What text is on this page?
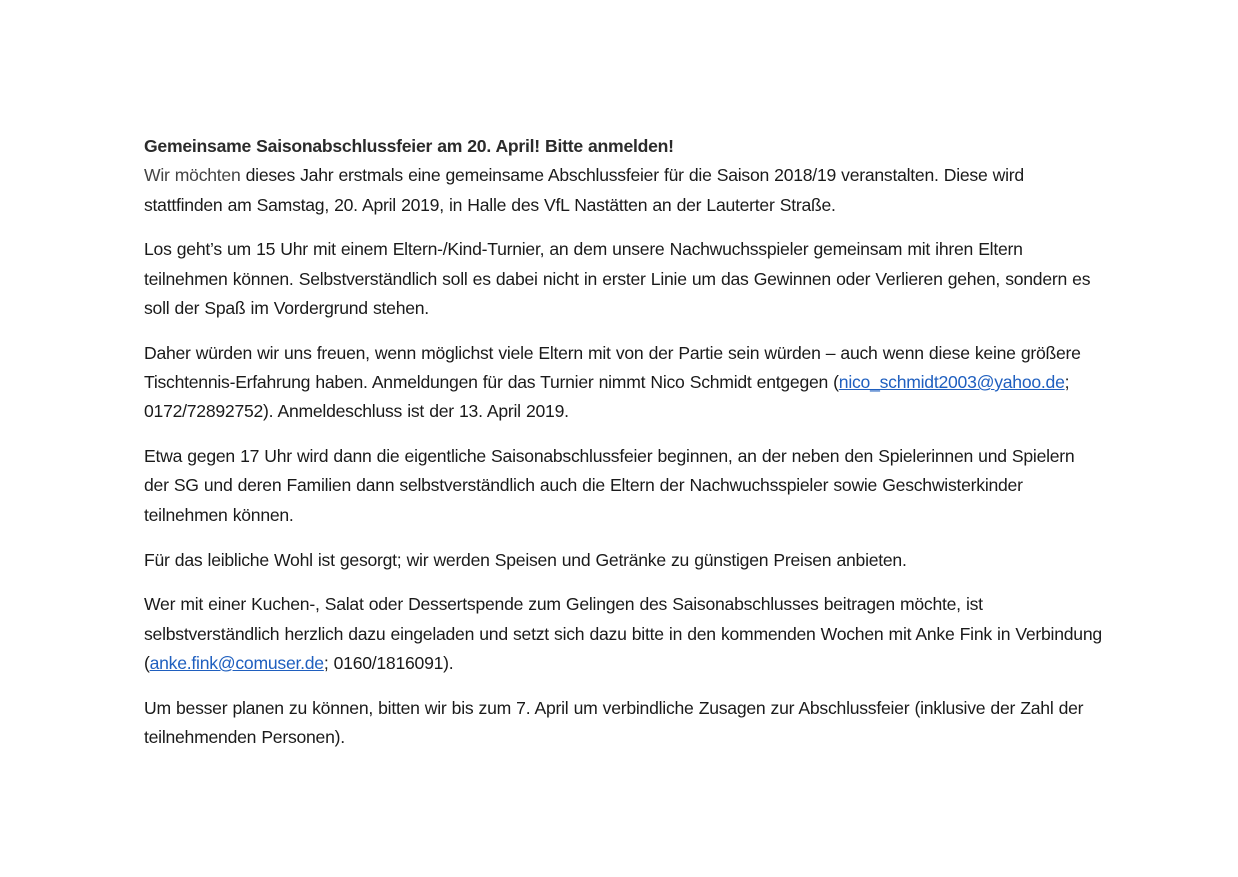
Gemeinsame Saisonabschlussfeier am 20. April! Bitte anmelden!

Wir möchten dieses Jahr erstmals eine gemeinsame Abschlussfeier für die Saison 2018/19 veranstalten. Diese wird stattfinden am Samstag, 20. April 2019, in Halle des VfL Nastätten an der Lauterter Straße.

Los geht’s um 15 Uhr mit einem Eltern-/Kind-Turnier, an dem unsere Nachwuchsspieler gemeinsam mit ihren Eltern teilnehmen können. Selbstverständlich soll es dabei nicht in erster Linie um das Gewinnen oder Verlieren gehen, sondern es soll der Spaß im Vordergrund stehen.

Daher würden wir uns freuen, wenn möglichst viele Eltern mit von der Partie sein würden – auch wenn diese keine größere Tischtennis-Erfahrung haben. Anmeldungen für das Turnier nimmt Nico Schmidt entgegen (nico_schmidt2003@yahoo.de; 0172/72892752). Anmeldeschluss ist der 13. April 2019.

Etwa gegen 17 Uhr wird dann die eigentliche Saisonabschlussfeier beginnen, an der neben den Spielerinnen und Spielern der SG und deren Familien dann selbstverständlich auch die Eltern der Nachwuchsspieler sowie Geschwisterkinder teilnehmen können.

Für das leibliche Wohl ist gesorgt; wir werden Speisen und Getränke zu günstigen Preisen anbieten.

Wer mit einer Kuchen-, Salat oder Dessertspende zum Gelingen des Saisonabschlusses beitragen möchte, ist selbstverständlich herzlich dazu eingeladen und setzt sich dazu bitte in den kommenden Wochen mit Anke Fink in Verbindung (anke.fink@comuser.de; 0160/1816091).

Um besser planen zu können, bitten wir bis zum 7. April um verbindliche Zusagen zur Abschlussfeier (inklusive der Zahl der teilnehmenden Personen).
